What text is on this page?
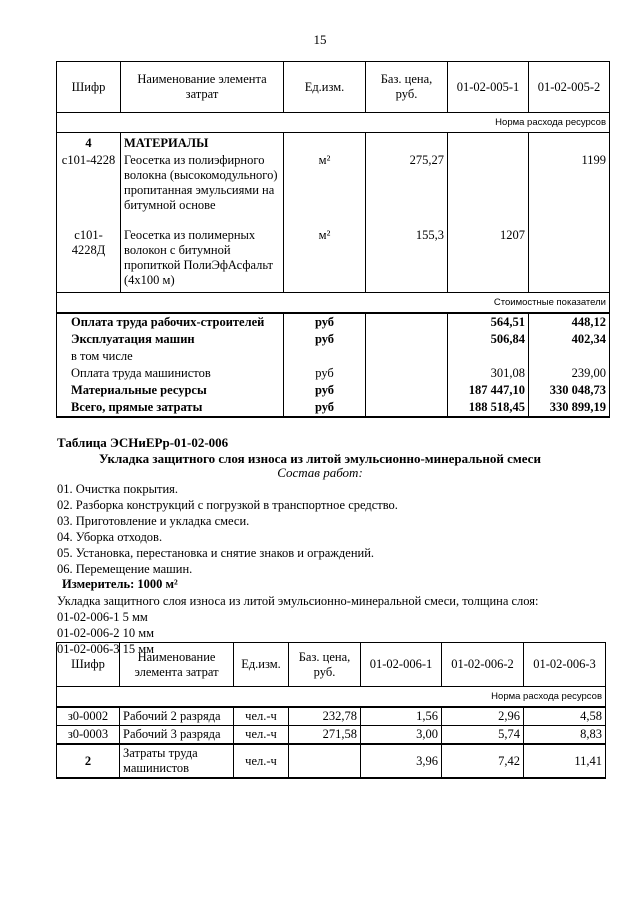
15
Шифр	Наименование элемента затрат	Ед.изм.	Баз. цена, руб.	01-02-005-1	01-02-005-2
Норма расхода ресурсов					
4	МАТЕРИАЛЫ				
с101-4228	Геосетка из полиэфирного волокна (высокомодульного) пропитанная эмульсиями на битумной основе	м²	275,27		1199
с101-4228Д	Геосетка из полимерных волокон с битумной пропиткой ПолиЭфАсфальт (4х100 м)	м²	155,3	1207	
Стоимостные показатели					
Оплата труда рабочих-строителей		руб		564,51	448,12
Эксплуатация машин		руб		506,84	402,34
в том числе					
Оплата труда машинистов		руб		301,08	239,00
Материальные ресурсы		руб		187 447,10	330 048,73
Всего, прямые затраты		руб		188 518,45	330 899,19
Таблица ЭСНиЕРр-01-02-006
Укладка защитного слоя износа из литой эмульсионно-минеральной смеси
Состав работ:
01. Очистка покрытия.
02. Разборка конструкций с погрузкой в транспортное средство.
03. Приготовление и укладка смеси.
04. Уборка отходов.
05. Установка, перестановка и снятие знаков и ограждений.
06. Перемещение машин.
Измеритель: 1000 м²
Укладка защитного слоя износа из литой эмульсионно-минеральной смеси, толщина слоя:
01-02-006-1 5 мм
01-02-006-2 10 мм
01-02-006-3 15 мм
Шифр	Наименование элемента затрат	Ед.изм.	Баз. цена, руб.	01-02-006-1	01-02-006-2	01-02-006-3
Норма расхода ресурсов						
з0-0002	Рабочий 2 разряда	чел.-ч	232,78	1,56	2,96	4,58
з0-0003	Рабочий 3 разряда	чел.-ч	271,58	3,00	5,74	8,83
2	Затраты труда машинистов	чел.-ч		3,96	7,42	11,41
